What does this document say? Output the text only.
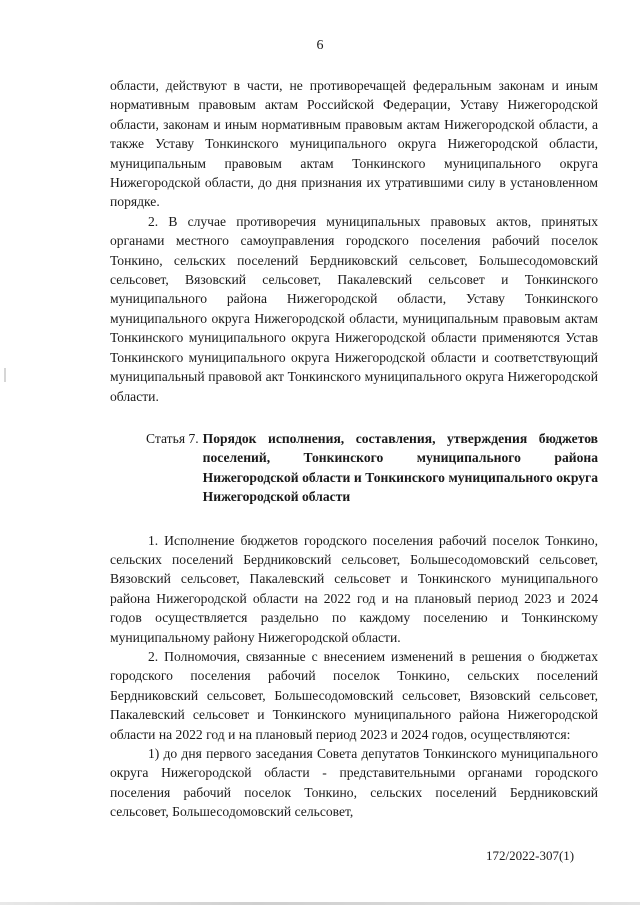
6

области, действуют в части, не противоречащей федеральным законам и иным нормативным правовым актам Российской Федерации, Уставу Нижегородской области, законам и иным нормативным правовым актам Нижегородской области, а также Уставу Тонкинского муниципального округа Нижегородской области, муниципальным правовым актам Тонкинского муниципального округа Нижегородской области, до дня признания их утратившими силу в установленном порядке.

2. В случае противоречия муниципальных правовых актов, принятых органами местного самоуправления городского поселения рабочий поселок Тонкино, сельских поселений Бердниковский сельсовет, Большесодомовский сельсовет, Вязовский сельсовет, Пакалевский сельсовет и Тонкинского муниципального района Нижегородской области, Уставу Тонкинского муниципального округа Нижегородской области, муниципальным правовым актам Тонкинского муниципального округа Нижегородской области применяются Устав Тонкинского муниципального округа Нижегородской области и соответствующий муниципальный правовой акт Тонкинского муниципального округа Нижегородской области.

Статья 7. Порядок исполнения, составления, утверждения бюджетов поселений, Тонкинского муниципального района Нижегородской области и Тонкинского муниципального округа Нижегородской области

1. Исполнение бюджетов городского поселения рабочий поселок Тонкино, сельских поселений Бердниковский сельсовет, Большесодомовский сельсовет, Вязовский сельсовет, Пакалевский сельсовет и Тонкинского муниципального района Нижегородской области на 2022 год и на плановый период 2023 и 2024 годов осуществляется раздельно по каждому поселению и Тонкинскому муниципальному району Нижегородской области.

2. Полномочия, связанные с внесением изменений в решения о бюджетах городского поселения рабочий поселок Тонкино, сельских поселений Бердниковский сельсовет, Большесодомовский сельсовет, Вязовский сельсовет, Пакалевский сельсовет и Тонкинского муниципального района Нижегородской области на 2022 год и на плановый период 2023 и 2024 годов, осуществляются:

1) до дня первого заседания Совета депутатов Тонкинского муниципального округа Нижегородской области - представительными органами городского поселения рабочий поселок Тонкино, сельских поселений Бердниковский сельсовет, Большесодомовский сельсовет,

172/2022-307(1)
